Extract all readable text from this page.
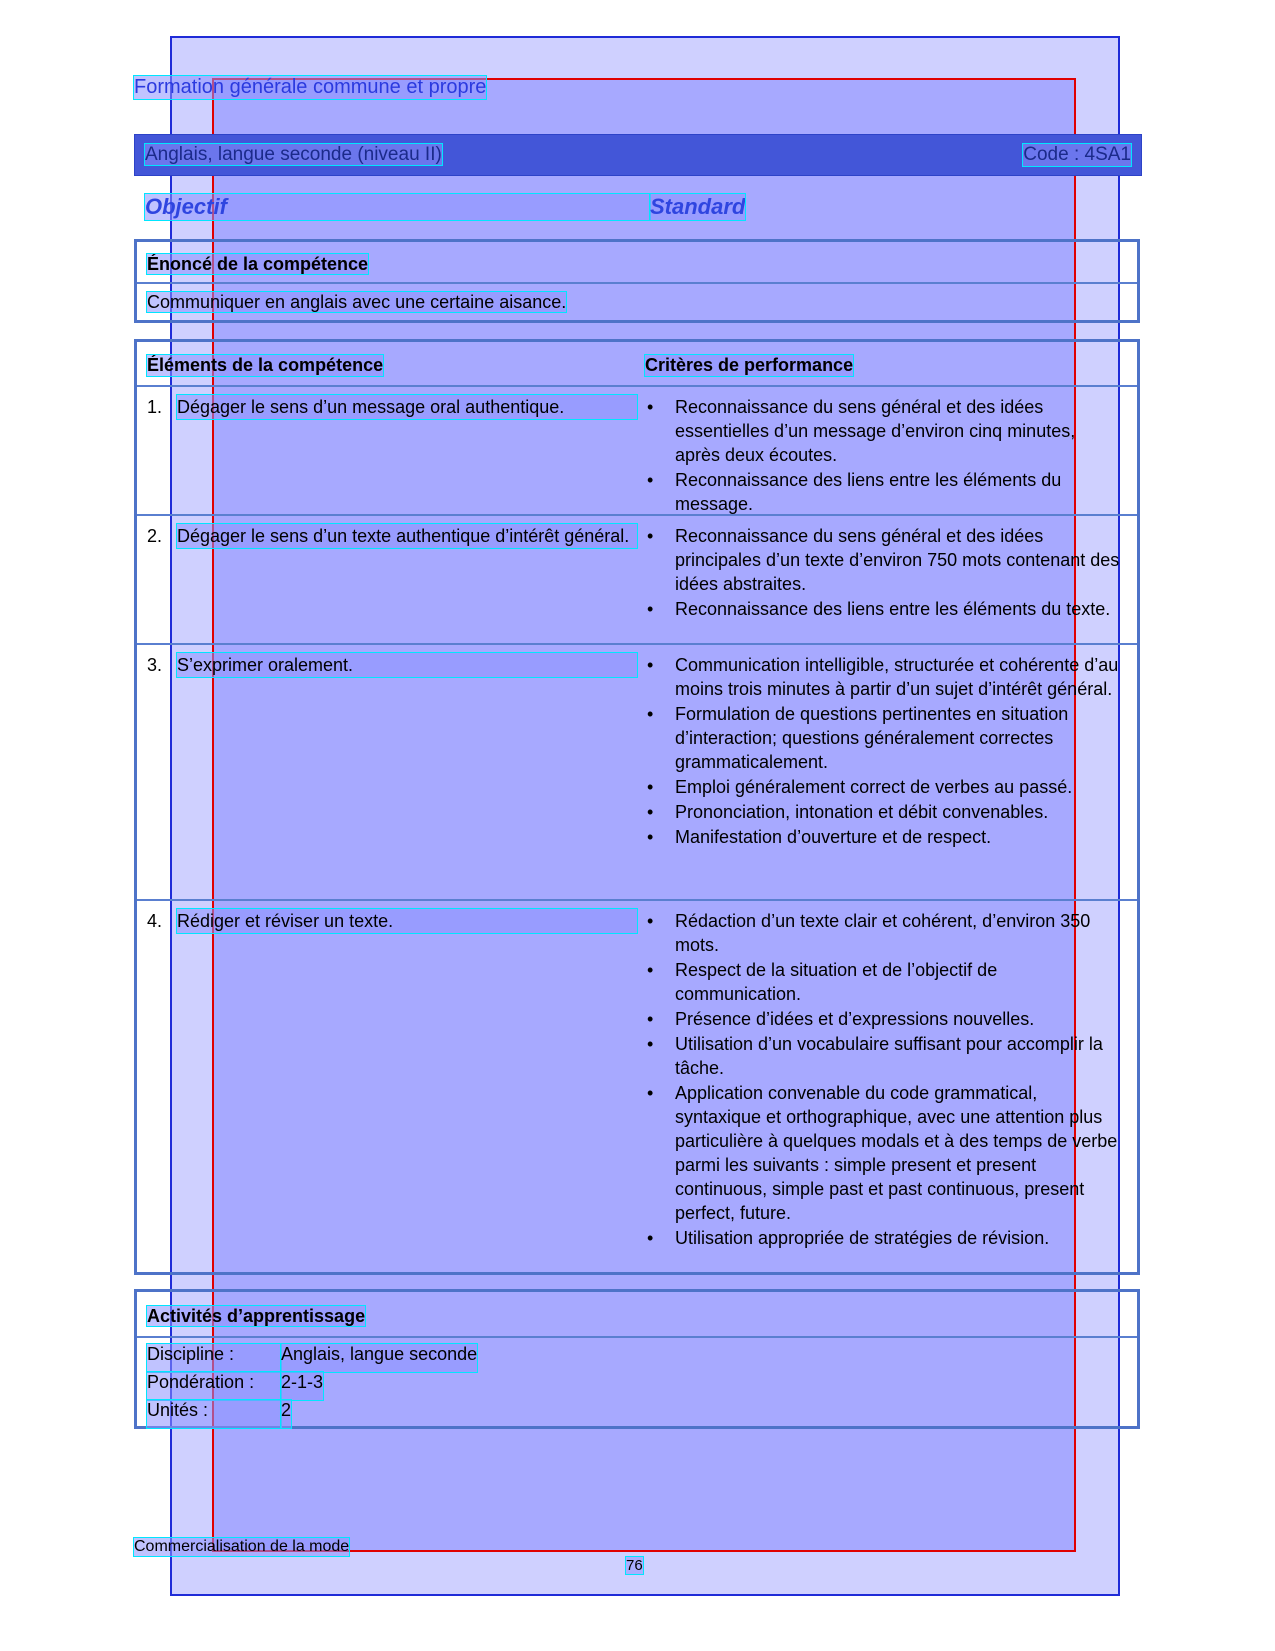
Formation générale commune et propre
Anglais, langue seconde (niveau II)	Code : 4SA1
Objectif	Standard
Énoncé de la compétence
Communiquer en anglais avec une certaine aisance.
Éléments de la compétence	Critères de performance
1. Dégager le sens d’un message oral authentique.	• Reconnaissance du sens général et des idées essentielles d’un message d’environ cinq minutes, après deux écoutes.
• Reconnaissance des liens entre les éléments du message.
2. Dégager le sens d’un texte authentique d’intérêt général.	• Reconnaissance du sens général et des idées principales d’un texte d’environ 750 mots contenant des idées abstraites.
• Reconnaissance des liens entre les éléments du texte.
3. S’exprimer oralement.	• Communication intelligible, structurée et cohérente d’au moins trois minutes à partir d’un sujet d’intérêt général.
• Formulation de questions pertinentes en situation d’interaction; questions généralement correctes grammaticalement.
• Emploi généralement correct de verbes au passé.
• Prononciation, intonation et débit convenables.
• Manifestation d’ouverture et de respect.
4. Rédiger et réviser un texte.	• Rédaction d’un texte clair et cohérent, d’environ 350 mots.
• Respect de la situation et de l’objectif de communication.
• Présence d’idées et d’expressions nouvelles.
• Utilisation d’un vocabulaire suffisant pour accomplir la tâche.
• Application convenable du code grammatical, syntaxique et orthographique, avec une attention plus particulière à quelques modals et à des temps de verbe parmi les suivants : simple present et present continuous, simple past et past continuous, present perfect, future.
• Utilisation appropriée de stratégies de révision.
Activités d’apprentissage
Discipline :	Anglais, langue seconde
Pondération :	2-1-3
Unités :	2
Commercialisation de la mode
76
